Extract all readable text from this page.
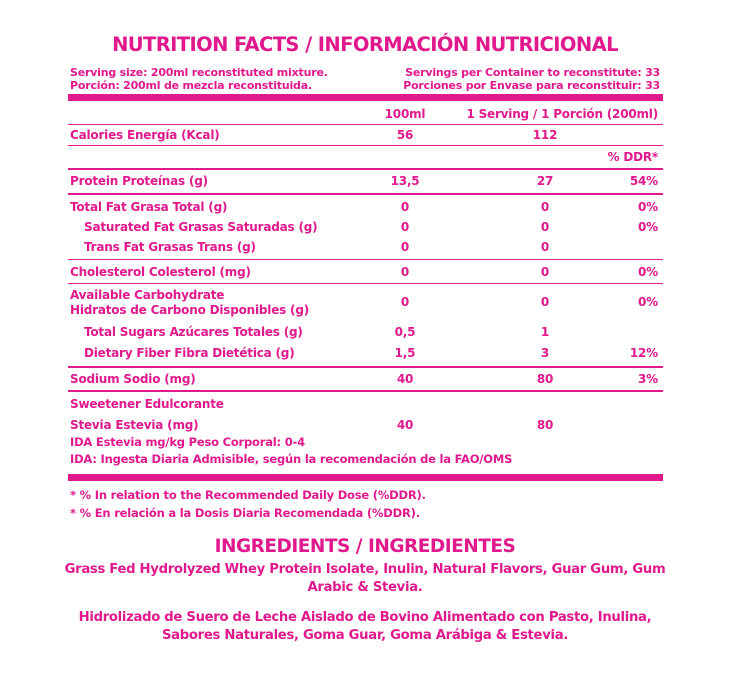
NUTRITION FACTS / INFORMACIÓN NUTRICIONAL
Serving size: 200ml reconstituted mixture.
Porción: 200ml de mezcla reconstituida.
Servings per Container to reconstitute: 33
Porciones por Envase para reconstituir: 33
100ml	1 Serving / 1 Porción (200ml)
Calories Energía (Kcal)	56	112
% DDR*
Protein Proteínas (g)	13,5	27	54%
Total Fat Grasa Total (g)	0	0	0%
Saturated Fat Grasas Saturadas (g)	0	0	0%
Trans Fat Grasas Trans (g)	0	0
Cholesterol Colesterol (mg)	0	0	0%
Available Carbohydrate
Hidratos de Carbono Disponibles (g)
0	0	0%
Total Sugars Azúcares Totales (g)	0,5	1
Dietary Fiber Fibra Dietética (g)	1,5	3	12%
Sodium Sodio (mg)	40	80	3%
Sweetener Edulcorante
Stevia Estevia (mg)	40	80
IDA Estevia mg/kg Peso Corporal: 0-4
IDA: Ingesta Diaria Admisible, según la recomendación de la FAO/OMS
* % In relation to the Recommended Daily Dose (%DDR).
* % En relación a la Dosis Diaria Recomendada (%DDR).
INGREDIENTS / INGREDIENTES
Grass Fed Hydrolyzed Whey Protein Isolate, Inulin, Natural Flavors, Guar Gum, Gum Arabic & Stevia.
Hidrolizado de Suero de Leche Aislado de Bovino Alimentado con Pasto, Inulina, Sabores Naturales, Goma Guar, Goma Arábiga & Estevia.
